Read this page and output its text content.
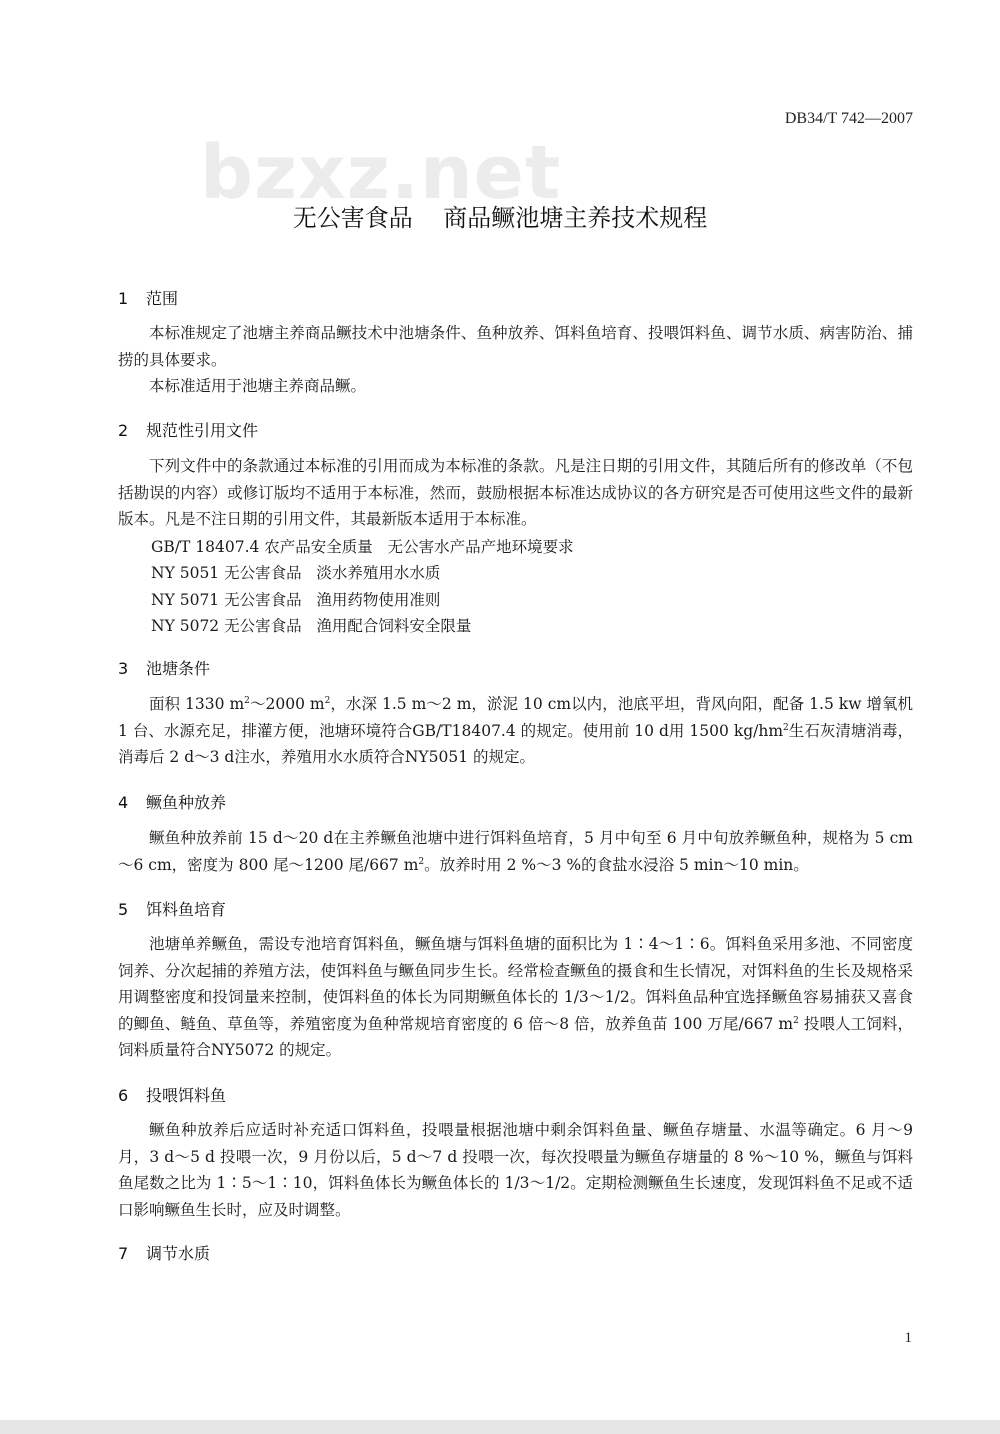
DB34/T 742—2007
bzxz.net
无公害食品    商品鳜池塘主养技术规程
1 范围
本标准规定了池塘主养商品鳜技术中池塘条件、鱼种放养、饵料鱼培育、投喂饵料鱼、调节水质、病害防治、捕捞的具体要求。
本标准适用于池塘主养商品鳜。
2 规范性引用文件
下列文件中的条款通过本标准的引用而成为本标准的条款。凡是注日期的引用文件，其随后所有的修改单（不包括勘误的内容）或修订版均不适用于本标准，然而，鼓励根据本标准达成协议的各方研究是否可使用这些文件的最新版本。凡是不注日期的引用文件，其最新版本适用于本标准。
GB/T 18407.4 农产品安全质量   无公害水产品产地环境要求
NY 5051 无公害食品   淡水养殖用水水质
NY 5071 无公害食品   渔用药物使用准则
NY 5072 无公害食品   渔用配合饲料安全限量
3 池塘条件
面积 1330 $m^2\sim 2000$ $m^2$，水深 1.5 m～2 m，淤泥 10 cm以内，池底平坦，背风向阳，配备 1.5 kw 增氧机 1 台、水源充足，排灌方便，池塘环境符合GB/T18407.4 的规定。使用前 10 d用 1500 $kg/hm^2$生石灰清塘消毒，消毒后 2 d～3 d注水，养殖用水水质符合NY5051 的规定。
4 鳜鱼种放养
鳜鱼种放养前 15 d～20 d在主养鳜鱼池塘中进行饵料鱼培育，5 月中旬至 6 月中旬放养鳜鱼种，规格为 5 cm～6 cm，密度为 800 尾～1200 尾/667 $m^2$。放养时用 2 %～3 %的食盐水浸浴 5 min～10 min。
5 饵料鱼培育
池塘单养鳜鱼，需设专池培育饵料鱼，鳜鱼塘与饵料鱼塘的面积比为 1∶4～1∶6。饵料鱼采用多池、不同密度饲养、分次起捕的养殖方法，使饵料鱼与鳜鱼同步生长。经常检查鳜鱼的摄食和生长情况，对饵料鱼的生长及规格采用调整密度和投饲量来控制，使饵料鱼的体长为同期鳜鱼体长的 1/3～1/2。饵料鱼品种宜选择鳜鱼容易捕获又喜食的鲫鱼、鲢鱼、草鱼等，养殖密度为鱼种常规培育密度的 6 倍～8 倍，放养鱼苗 100 万尾/667 $m^2$ 投喂人工饲料，饲料质量符合NY5072 的规定。
6 投喂饵料鱼
鳜鱼种放养后应适时补充适口饵料鱼，投喂量根据池塘中剩余饵料鱼量、鳜鱼存塘量、水温等确定。6 月～9 月，3 d～5 d 投喂一次，9 月份以后，5 d～7 d 投喂一次，每次投喂量为鳜鱼存塘量的 8 %～10 %，鳜鱼与饵料鱼尾数之比为 1∶5～1∶10，饵料鱼体长为鳜鱼体长的 1/3～1/2。定期检测鳜鱼生长速度，发现饵料鱼不足或不适口影响鳜鱼生长时，应及时调整。
7 调节水质
1
